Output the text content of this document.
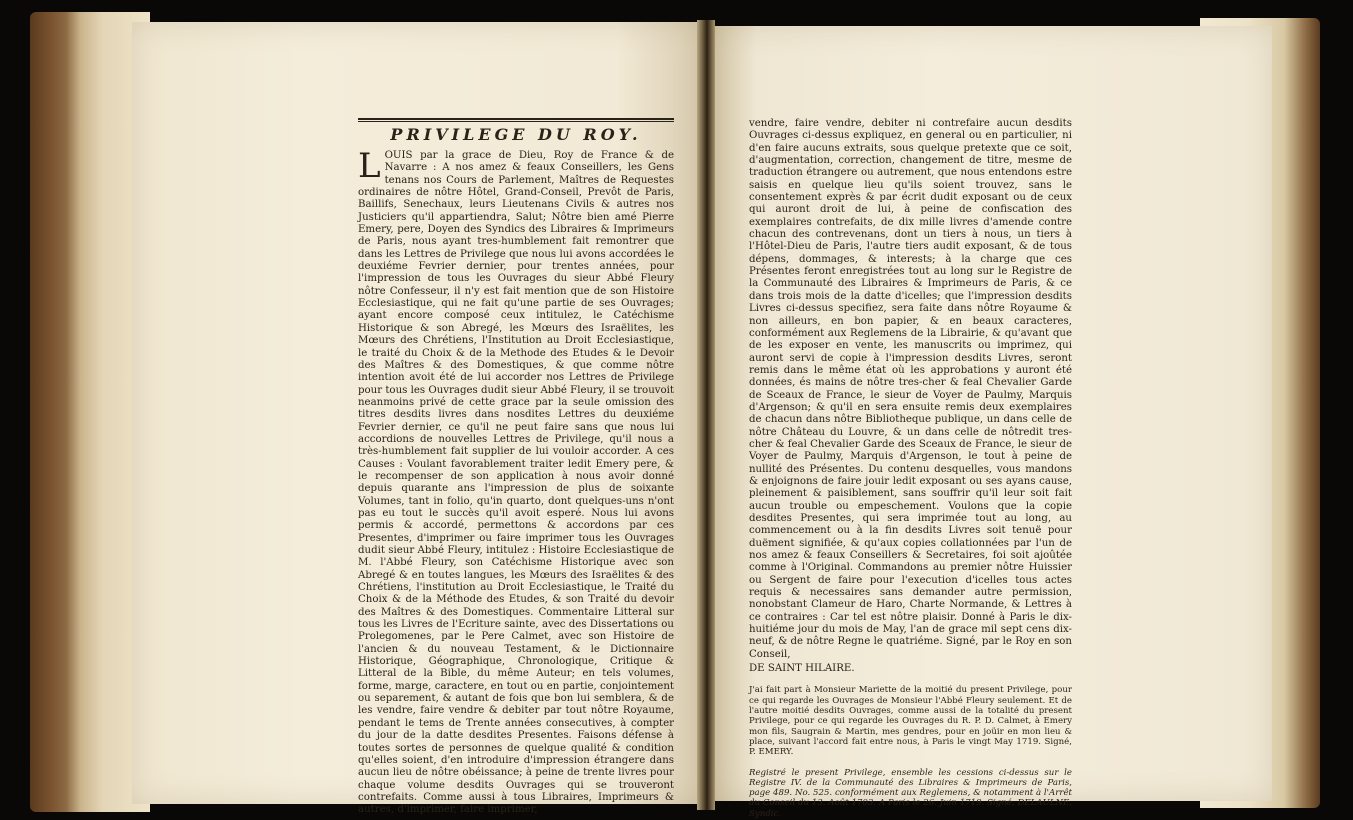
PRIVILEGE DU ROY.

LOUIS par la grace de Dieu, Roy de France & de Navarre : A nos amez & feaux Conseillers, les Gens tenans nos Cours de Parlement, Maîtres de Requestes ordinaires de nôtre Hôtel, Grand-Conseil, Prevôt de Paris, Baillifs, Senechaux, leurs Lieutenans Civils & autres nos Justiciers qu'il appartiendra, Salut; Nôtre bien amé Pierre Emery, pere, Doyen des Syndics des Libraires & Imprimeurs de Paris, nous ayant tres-humblement fait remontrer que dans les Lettres de Privilege que nous lui avons accordées le deuxiéme Fevrier dernier, pour trentes années, pour l'impression de tous les Ouvrages du sieur Abbé Fleury nôtre Confesseur, il n'y est fait mention que de son Histoire Ecclesiastique, qui ne fait qu'une partie de ses Ouvrages; ayant encore composé ceux intitulez, le Catéchisme Historique & son Abregé, les Mœurs des Israëlites, les Mœurs des Chrétiens, l'Institution au Droit Ecclesiastique, le traité du Choix & de la Methode des Etudes & le Devoir des Maîtres & des Domestiques, & que comme nôtre intention avoit été de lui accorder nos Lettres de Privilege pour tous les Ouvrages dudit sieur Abbé Fleury, il se trouvoit neanmoins privé de cette grace par la seule omission des titres desdits livres dans nosdites Lettres du deuxiéme Fevrier dernier, ce qu'il ne peut faire sans que nous lui accordions de nouvelles Lettres de Privilege, qu'il nous a très-humblement fait supplier de lui vouloir accorder. A ces Causes : Voulant favorablement traiter ledit Emery pere, & le recompenser de son application à nous avoir donné depuis quarante ans l'impression de plus de soixante Volumes, tant in folio, qu'in quarto, dont quelques-uns n'ont pas eu tout le succès qu'il avoit esperé. Nous lui avons permis & accordé, permettons & accordons par ces Presentes, d'imprimer ou faire imprimer tous les Ouvrages dudit sieur Abbé Fleury, intitulez : Histoire Ecclesiastique de M. l'Abbé Fleury, son Catéchisme Historique avec son Abregé & en toutes langues, les Mœurs des Israëlites & des Chrétiens, l'institution au Droit Ecclesiastique, le Traité du Choix & de la Méthode des Etudes, & son Traité du devoir des Maîtres & des Domestiques. Commentaire Litteral sur tous les Livres de l'Ecriture sainte, avec des Dissertations ou Prolegomenes, par le Pere Calmet, avec son Histoire de l'ancien & du nouveau Testament, & le Dictionnaire Historique, Géographique, Chronologique, Critique & Litteral de la Bible, du même Auteur; en tels volumes, forme, marge, caractere, en tout ou en partie, conjointement ou separement, & autant de fois que bon lui semblera, & de les vendre, faire vendre & debiter par tout nôtre Royaume, pendant le tems de Trente années consecutives, à compter du jour de la datte desdites Presentes. Faisons défense à toutes sortes de personnes de quelque qualité & condition qu'elles soient, d'en introduire d'impression étrangere dans aucun lieu de nôtre obéissance; à peine de trente livres pour chaque volume desdits Ouvrages qui se trouveront contrefaits. Comme aussi à tous Libraires, Imprimeurs & autres, d'imprimer, faire imprimer,

vendre, faire vendre, debiter ni contrefaire aucun desdits Ouvrages ci-dessus expliquez, en general ou en particulier, ni d'en faire aucuns extraits, sous quelque pretexte que ce soit, d'augmentation, correction, changement de titre, mesme de traduction étrangere ou autrement, que nous entendons estre saisis en quelque lieu qu'ils soient trouvez, sans le consentement exprès & par écrit dudit exposant ou de ceux qui auront droit de lui, à peine de confiscation des exemplaires contrefaits, de dix mille livres d'amende contre chacun des contrevenans, dont un tiers à nous, un tiers à l'Hôtel-Dieu de Paris, l'autre tiers audit exposant, & de tous dépens, dommages, & interests; à la charge que ces Présentes feront enregistrées tout au long sur le Registre de la Communauté des Libraires & Imprimeurs de Paris, & ce dans trois mois de la datte d'icelles; que l'impression desdits Livres ci-dessus specifiez, sera faite dans nôtre Royaume & non ailleurs, en bon papier, & en beaux caracteres, conformément aux Reglemens de la Librairie, & qu'avant que de les exposer en vente, les manuscrits ou imprimez, qui auront servi de copie à l'impression desdits Livres, seront remis dans le même état où les approbations y auront été données, és mains de nôtre tres-cher & feal Chevalier Garde de Sceaux de France, le sieur de Voyer de Paulmy, Marquis d'Argenson; & qu'il en sera ensuite remis deux exemplaires de chacun dans nôtre Bibliotheque publique, un dans celle de nôtre Château du Louvre, & un dans celle de nôtredit tres-cher & feal Chevalier Garde des Sceaux de France, le sieur de Voyer de Paulmy, Marquis d'Argenson, le tout à peine de nullité des Présentes. Du contenu desquelles, vous mandons & enjoignons de faire jouir ledit exposant ou ses ayans cause, pleinement & paisiblement, sans souffrir qu'il leur soit fait aucun trouble ou empeschement. Voulons que la copie desdites Presentes, qui sera imprimée tout au long, au commencement ou à la fin desdits Livres soit tenuë pour duëment signifiée, & qu'aux copies collationnées par l'un de nos amez & feaux Conseillers & Secretaires, foi soit ajoûtée comme à l'Original. Commandons au premier nôtre Huissier ou Sergent de faire pour l'execution d'icelles tous actes requis & necessaires sans demander autre permission, nonobstant Clameur de Haro, Charte Normande, & Lettres à ce contraires : Car tel est nôtre plaisir. Donné à Paris le dix-huitiéme jour du mois de May, l'an de grace mil sept cens dix-neuf, & de nôtre Regne le quatriéme. Signé, par le Roy en son Conseil,

DE SAINT HILAIRE.

J'ai fait part à Monsieur Mariette de la moitié du present Privilege, pour ce qui regarde les Ouvrages de Monsieur l'Abbé Fleury seulement. Et de l'autre moitié desdits Ouvrages, comme aussi de la totalité du present Privilege, pour ce qui regarde les Ouvrages du R. P. D. Calmet, à Emery mon fils, Saugrain & Martin, mes gendres, pour en joüir en mon lieu & place, suivant l'accord fait entre nous, à Paris le vingt May 1719. Signé, P. EMERY.

Registré le present Privilege, ensemble les cessions ci-dessus sur le Registre IV. de la Communauté des Libraires & Imprimeurs de Paris, page 489. No. 525. conformément aux Reglemens, & notamment à l'Arrêt du Conseil du 13. Août 1703. A Paris le 26. Juin 1719. Signé, DELAULNE, Syndic.
